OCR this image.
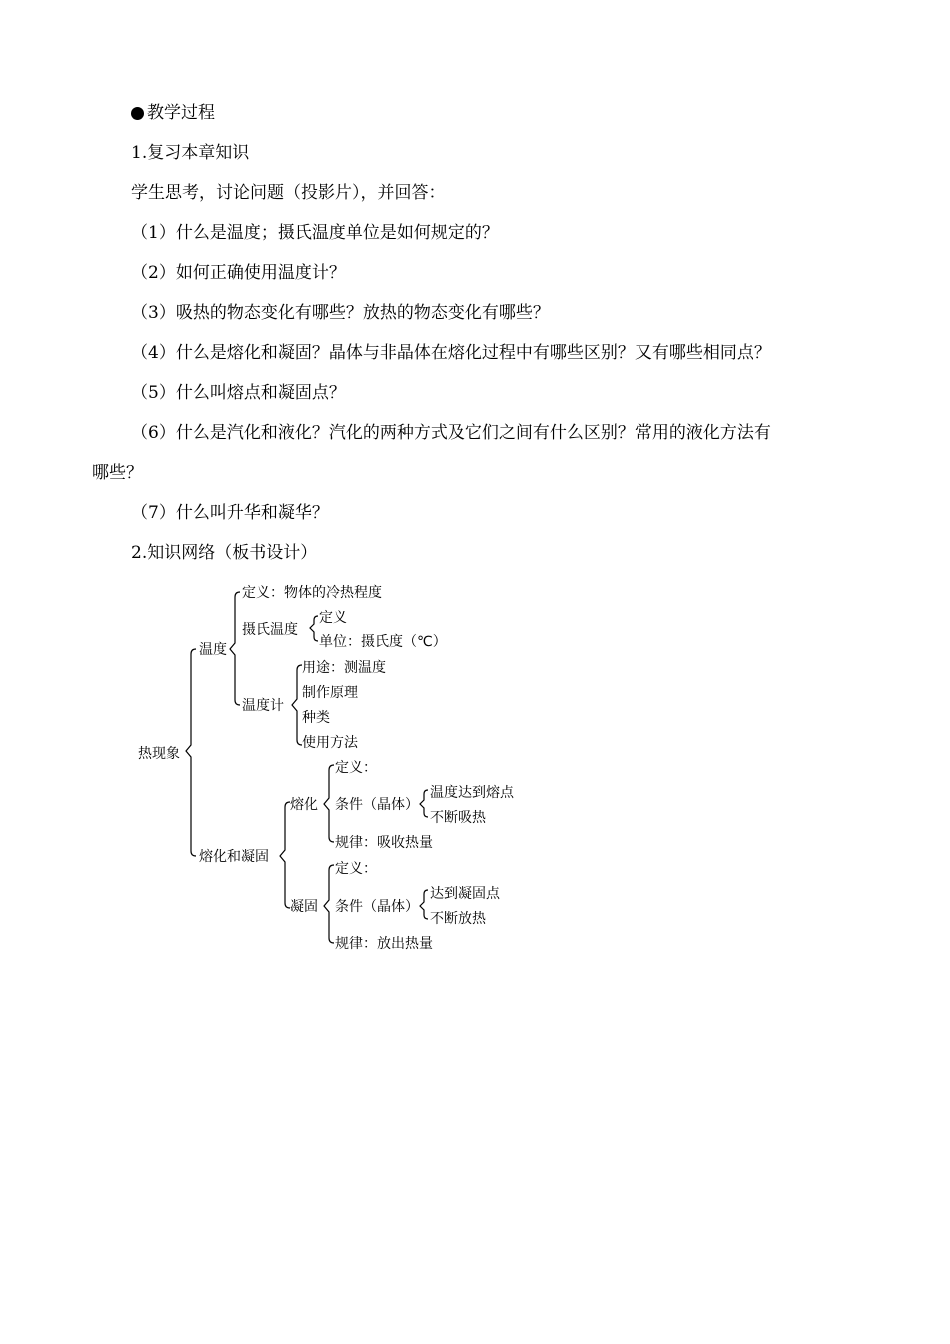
教学过程

1.复习本章知识

学生思考，讨论问题（投影片），并回答：

（1）什么是温度；摄氏温度单位是如何规定的？

（2）如何正确使用温度计？

（3）吸热的物态变化有哪些？放热的物态变化有哪些？

（4）什么是熔化和凝固？晶体与非晶体在熔化过程中有哪些区别？又有哪些相同点？

（5）什么叫熔点和凝固点？

（6）什么是汽化和液化？汽化的两种方式及它们之间有什么区别？常用的液化方法有

哪些？

（7）什么叫升华和凝华？

2.知识网络（板书设计）

热现象
温度
定义：物体的冷热程度
摄氏温度
定义
单位：摄氏度（℃）
温度计
用途：测温度
制作原理
种类
使用方法
熔化和凝固
熔化
定义：
条件（晶体）
温度达到熔点
不断吸热
规律：吸收热量
凝固
定义：
条件（晶体）
达到凝固点
不断放热
规律：放出热量
